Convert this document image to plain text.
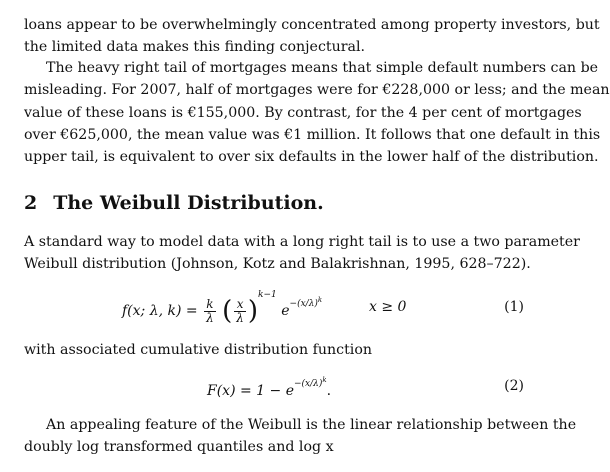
loans appear to be overwhelmingly concentrated among property investors, but
the limited data makes this finding conjectural.

The heavy right tail of mortgages means that simple default numbers can be
misleading. For 2007, half of mortgages were for €228,000 or less; and the mean
value of these loans is €155,000. By contrast, for the 4 per cent of mortgages
over €625,000, the mean value was €1 million. It follows that one default in this
upper tail, is equivalent to over six defaults in the lower half of the distribution.

2 The Weibull Distribution.

A standard way to model data with a long right tail is to use a two parameter
Weibull distribution (Johnson, Kotz and Balakrishnan, 1995, 628–722).

f(x; λ, $k) = \frac{k}{\lambda}$ ( $\frac{x}{\lambda} )^{k-1}$ $e^{-(x/\lambda)^k}$	x ≥ 0	(1)

with associated cumulative distribution function

$F(x) = 1 - e^{-(x/\lambda)^k}$.	(2)

An appealing feature of the Weibull is the linear relationship between the
doubly log transformed quantiles and log x
